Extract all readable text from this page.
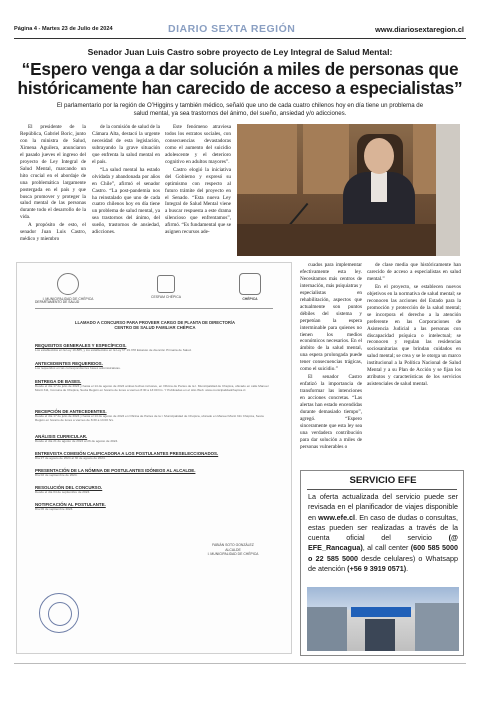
Página 4 - Martes 23 de Julio de 2024	DIARIO SEXTA REGIÓN	www.diariosextaregion.cl
Senador Juan Luis Castro sobre proyecto de Ley Integral de Salud Mental:
“Espero venga a dar solución a miles de personas que históricamente han carecido de acceso a especialistas”
El parlamentario por la región de O’Higgins y también médico, señaló que uno de cada cuatro chilenos hoy en día tiene un problema de salud mental, ya sea trastornos del ánimo, del sueño, ansiedad y/o adicciones.

El presidente de la República, Gabriel Boric, junto con la ministra de Salud, Ximena Aguilera, anunciaron el pasado jueves el ingreso del proyecto de Ley Integral de Salud Mental, marcando un hito crucial en el abordaje de una problemática largamente postergada en el país y que busca promover y proteger la salud mental de las personas durante todo el desarrollo de la vida.

A propósito de esto, el senador Juan Luis Castro, médico y miembro

de la comisión de salud de la Cámara Alta, destacó la urgente necesidad de esta legislación, subrayando la grave situación que enfrenta la salud mental en el país.

“La salud mental ha estado olvidada y abandonada por años en Chile”, afirmó el senador Castro. “La post-pandemia nos ha reinstalado que uno de cada cuatro chilenos hoy en día tiene un problema de salud mental, ya sea trastornos del ánimo, del sueño, trastornos de ansiedad, adicciones.

Este fenómeno atraviesa todos los estratos sociales, con consecuencias devastadoras como el aumento del suicidio adolescente y el deterioro cognitivo en adultos mayores”.

Castro elogió la iniciativa del Gobierno y expresó su optimismo con respecto al futuro trámite del proyecto en el Senado. “Esta nueva Ley Integral de Salud Mental viene a buscar respuesta a este drama silencioso que enfrentamos”, afirmó. “Es fundamental que se asignen recursos ade-

I. MUNICIPALIDAD DE CHÉPICA	CESFAM CHÉPICA	CHÉPICA
DEPARTAMENTO DE SALUD
LLAMADO A CONCURSO PARA PROVEER CARGO DE PLANTA DE DIRECTOR/A CENTRO DE SALUD FAMILIAR CHÉPICA
REQUISITOS GENERALES Y ESPECÍFICOS.
Los establecidos en la Ley 19.885, y los establecidos en la Ley N° 19.378 Estatuto de Atención Primaria de Salud.
ANTECEDENTES REQUERIDOS.
Los requeridos en las correspondientes bases administrativas.
ENTREGA DE BASES.
Desde el día 17 de julio de 2024 y hasta el 14 de agosto de 2024 ambas fechas inclusive, en Oficina de Partes de la I. Municipalidad de Chépica, ubicado en calle Manuel Montt 311, Comuna de Chépica, Sexta Región en horario de lunes a viernes 8:30 a 13:00 hrs. Y Publicadas en el sitio Web: www.municipalidadchepica.cl.
RECEPCIÓN DE ANTECEDENTES.
Desde el día 17 de julio de 2024 y hasta el 14 de agosto de 2024 en Oficina de Partes de la I. Municipalidad de Chépica, ubicado en Manuel Montt 311 Chépica, Sexta Región en horario de lunes a viernes de 8:30 a 13:00 hrs.
ANÁLISIS CURRICULAR.
Desde el día 21 de agosto de 2024 al 26 de agosto de 2024.
ENTREVISTA COMISIÓN CALIFICADORA A LOS POSTULANTES PRESELECCIONADOS.
Día 27 de agosto de 2024 al 30 de agosto de 2024.
PRESENTACIÓN DE LA NÓMINA DE POSTULANTES IDÓNEOS AL ALCALDE.
Día 02 de septiembre de 2024.
RESOLUCIÓN DEL CONCURSO.
Desde el día 04 de septiembre de 2024.
NOTIFICACIÓN AL POSTULANTE.
Día 06 de septiembre 2024.
FABIÁN SOTO GONZÁLEZ
ALCALDE
I. MUNICIPALIDAD DE CHÉPICA

cuados para implementar efectivamente esta ley. Necesitamos más centros de internación, más psiquiatras y especialistas en rehabilitación, aspectos que actualmente son puntos débiles del sistema y perpetúan la espera interminable para quienes no tienen los medios económicos necesarios. En el ámbito de la salud mental, una espera prolongada puede tener consecuencias trágicas, como el suicidio.”

El senador Castro enfatizó la importancia de transformar las intenciones en acciones concretas. “Las alertas han estado encendidas durante demasiado tiempo”, agregó. “Espero sinceramente que esta ley sea una verdadera contribución para dar solución a miles de personas vulnerables o

de clase media que históricamente han carecido de acceso a especialistas en salud mental.”

En el proyecto, se establecen nuevos objetivos en la normativa de salud mental; se reconocen las acciones del Estado para la promoción y protección de la salud mental; se incorpora el derecho a la atención preferente en las Corporaciones de Asistencia Judicial a las personas con discapacidad psíquica o intelectual; se reconocen y regulan las residencias sociosanitarias que brindan cuidados en salud mental; se crea y se le otorga un marco institucional a la Política Nacional de Salud Mental y a su Plan de Acción y se fijan los atributos y características de los servicios asistenciales de salud mental.

SERVICIO EFE
La oferta actualizada del servicio puede ser revisada en el planificador de viajes disponible en www.efe.cl. En caso de dudas o consultas, estas pueden ser realizadas a través de la cuenta oficial del servicio (@ EFE_Rancagua), al call center (600 585 5000 o 22 585 5000 desde celulares) o Whatsapp de atención (+56 9 3919 0571).
